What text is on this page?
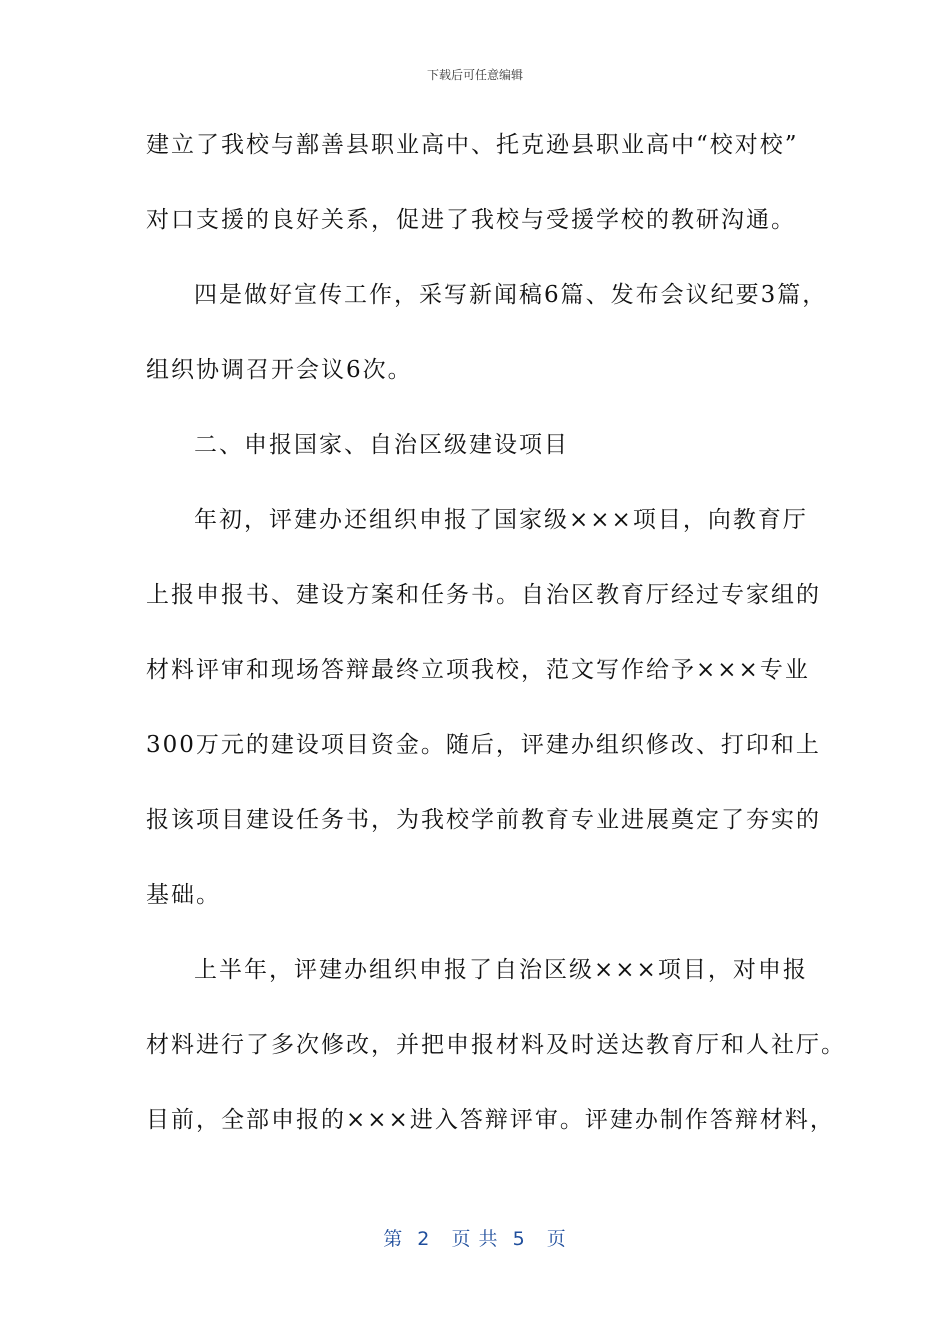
下载后可任意编辑
建立了我校与鄯善县职业高中、托克逊县职业高中“校对校”
对口支援的良好关系，促进了我校与受援学校的教研沟通。
四是做好宣传工作，采写新闻稿6篇、发布会议纪要3篇，
组织协调召开会议6次。
二、申报国家、自治区级建设项目
年初，评建办还组织申报了国家级×××项目，向教育厅
上报申报书、建设方案和任务书。自治区教育厅经过专家组的
材料评审和现场答辩最终立项我校，范文写作给予×××专业
300万元的建设项目资金。随后，评建办组织修改、打印和上
报该项目建设任务书，为我校学前教育专业进展奠定了夯实的
基础。
上半年，评建办组织申报了自治区级×××项目，对申报
材料进行了多次修改，并把申报材料及时送达教育厅和人社厅。
目前，全部申报的×××进入答辩评审。评建办制作答辩材料，
第  2   页 共  5   页
